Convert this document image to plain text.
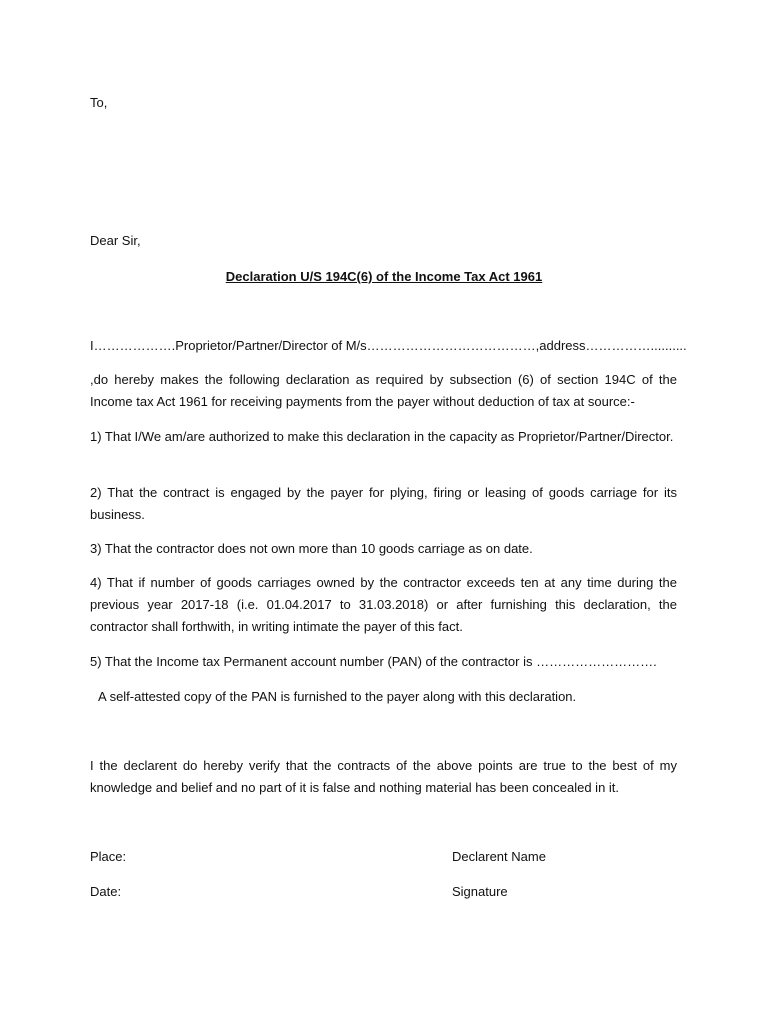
To,
Dear Sir,
Declaration U/S 194C(6) of the Income Tax Act 1961
I……………….Proprietor/Partner/Director of M/s…………………………………,address……………..........
,do hereby makes the following declaration as required by subsection (6) of section 194C of the Income tax Act 1961 for receiving payments from the payer without deduction of tax at source:-
1) That I/We am/are authorized to make this declaration in the capacity as Proprietor/Partner/Director.
2) That the contract is engaged by the payer for plying, firing or leasing of goods carriage for its business.
3) That the contractor does not own more than 10 goods carriage as on date.
4) That if number of goods carriages owned by the contractor exceeds ten at any time during the previous year 2017-18 (i.e. 01.04.2017 to 31.03.2018) or after furnishing this declaration, the contractor shall forthwith, in writing intimate the payer of this fact.
5) That the Income tax Permanent account number (PAN) of the contractor is ……………………….
A self-attested copy of the PAN is furnished to the payer along with this declaration.
I the declarent do hereby verify that the contracts of the above points are true to the best of my knowledge and belief and no part of it is false and nothing material has been concealed in it.
Place:	Declarent Name
Date:	Signature
